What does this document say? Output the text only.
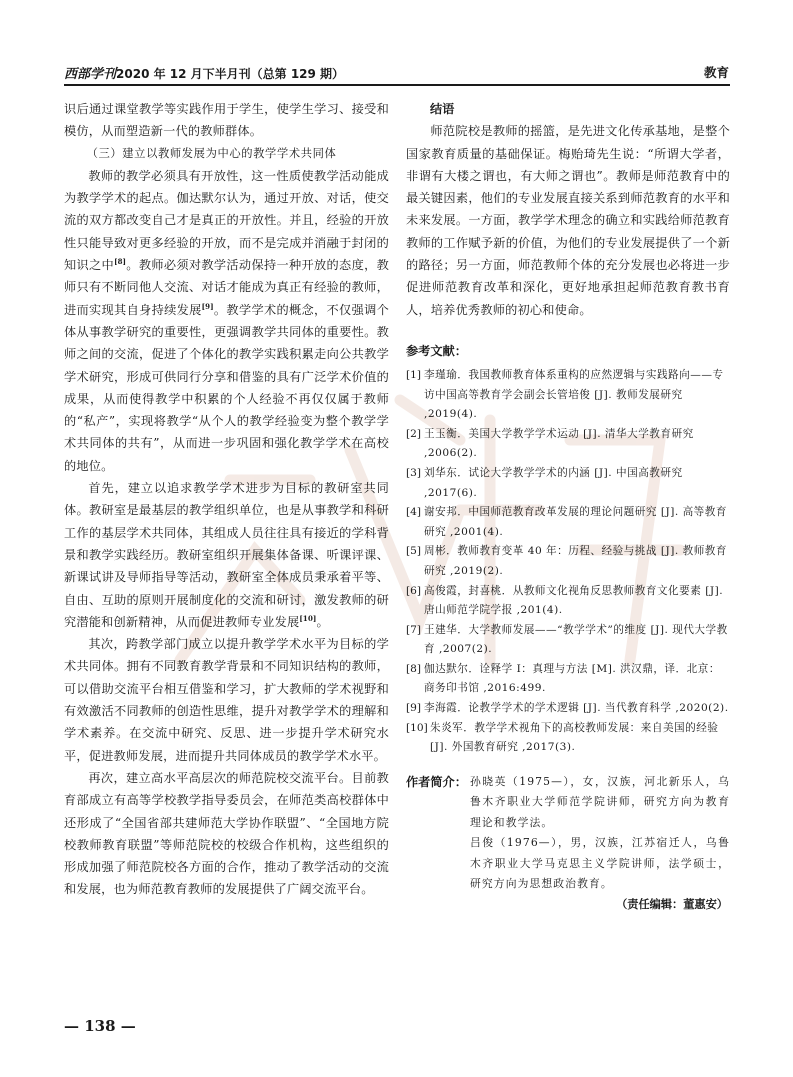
西部学刊2020 年 12 月下半月刊（总第 129 期）	教育

识后通过课堂教学等实践作用于学生，使学生学习、接受和模仿，从而塑造新一代的教师群体。

（三）建立以教师发展为中心的教学学术共同体

教师的教学必须具有开放性，这一性质使教学活动能成为教学学术的起点。伽达默尔认为，通过开放、对话，使交流的双方都改变自己才是真正的开放性。并且，经验的开放性只能导致对更多经验的开放，而不是完成并消融于封闭的知识之中[8]。教师必须对教学活动保持一种开放的态度，教师只有不断同他人交流、对话才能成为真正有经验的教师，进而实现其自身持续发展[9]。教学学术的概念，不仅强调个体从事教学研究的重要性，更强调教学共同体的重要性。教师之间的交流，促进了个体化的教学实践积累走向公共教学学术研究，形成可供同行分享和借鉴的具有广泛学术价值的成果，从而使得教学中积累的个人经验不再仅仅属于教师的“私产”，实现将教学“从个人的教学经验变为整个教学学术共同体的共有”，从而进一步巩固和强化教学学术在高校的地位。

首先，建立以追求教学学术进步为目标的教研室共同体。教研室是最基层的教学组织单位，也是从事教学和科研工作的基层学术共同体，其组成人员往往具有接近的学科背景和教学实践经历。教研室组织开展集体备课、听课评课、新课试讲及导师指导等活动，教研室全体成员秉承着平等、自由、互助的原则开展制度化的交流和研讨，激发教师的研究潜能和创新精神，从而促进教师专业发展[10]。

其次，跨教学部门成立以提升教学学术水平为目标的学术共同体。拥有不同教育教学背景和不同知识结构的教师，可以借助交流平台相互借鉴和学习，扩大教师的学术视野和有效激活不同教师的创造性思维，提升对教学学术的理解和学术素养。在交流中研究、反思、进一步提升学术研究水平，促进教师发展，进而提升共同体成员的教学学术水平。

再次，建立高水平高层次的师范院校交流平台。目前教育部成立有高等学校教学指导委员会，在师范类高校群体中还形成了“全国省部共建师范大学协作联盟”、“全国地方院校教师教育联盟”等师范院校的校级合作机构，这些组织的形成加强了师范院校各方面的合作，推动了教学活动的交流和发展，也为师范教育教师的发展提供了广阔交流平台。

结语

师范院校是教师的摇篮，是先进文化传承基地，是整个国家教育质量的基础保证。梅贻琦先生说：“所谓大学者，非谓有大楼之谓也，有大师之谓也”。教师是师范教育中的最关键因素，他们的专业发展直接关系到师范教育的水平和未来发展。一方面，教学学术理念的确立和实践给师范教育教师的工作赋予新的价值，为他们的专业发展提供了一个新的路径；另一方面，师范教师个体的充分发展也必将进一步促进师范教育改革和深化，更好地承担起师范教育教书育人，培养优秀教师的初心和使命。

参考文献：
[1] 李瑾瑜．我国教师教育体系重构的应然逻辑与实践路向——专访中国高等教育学会副会长管培俊 [J]. 教师发展研究 ,2019(4).
[2] 王玉衡．美国大学教学学术运动 [J]. 清华大学教育研究 ,2006(2).
[3] 刘华东．试论大学教学学术的内涵 [J]. 中国高教研究 ,2017(6).
[4] 谢安邦．中国师范教育改革发展的理论问题研究 [J]. 高等教育研究 ,2001(4).
[5] 周彬．教师教育变革 40 年：历程、经验与挑战 [J]. 教师教育研究 ,2019(2).
[6] 高俊霞，封喜桃．从教师文化视角反思教师教育文化要素 [J]. 唐山师范学院学报 ,201(4).
[7] 王建华．大学教师发展——“教学学术”的维度 [J]. 现代大学教育 ,2007(2).
[8] 伽达默尔．诠释学 I：真理与方法 [M]. 洪汉鼎，译．北京：商务印书馆 ,2016:499.
[9] 李海霞．论教学学术的学术逻辑 [J]. 当代教育科学 ,2020(2).
[10] 朱炎军．教学学术视角下的高校教师发展：来自美国的经验 [J]. 外国教育研究 ,2017(3).
作者简介： 孙晓英（1975—），女，汉族，河北新乐人，乌鲁木齐职业大学师范学院讲师，研究方向为教育理论和教学法。
吕俊（1976—），男，汉族，江苏宿迁人，乌鲁木齐职业大学马克思主义学院讲师，法学硕士，研究方向为思想政治教育。
（责任编辑：董惠安）
— 138 —
